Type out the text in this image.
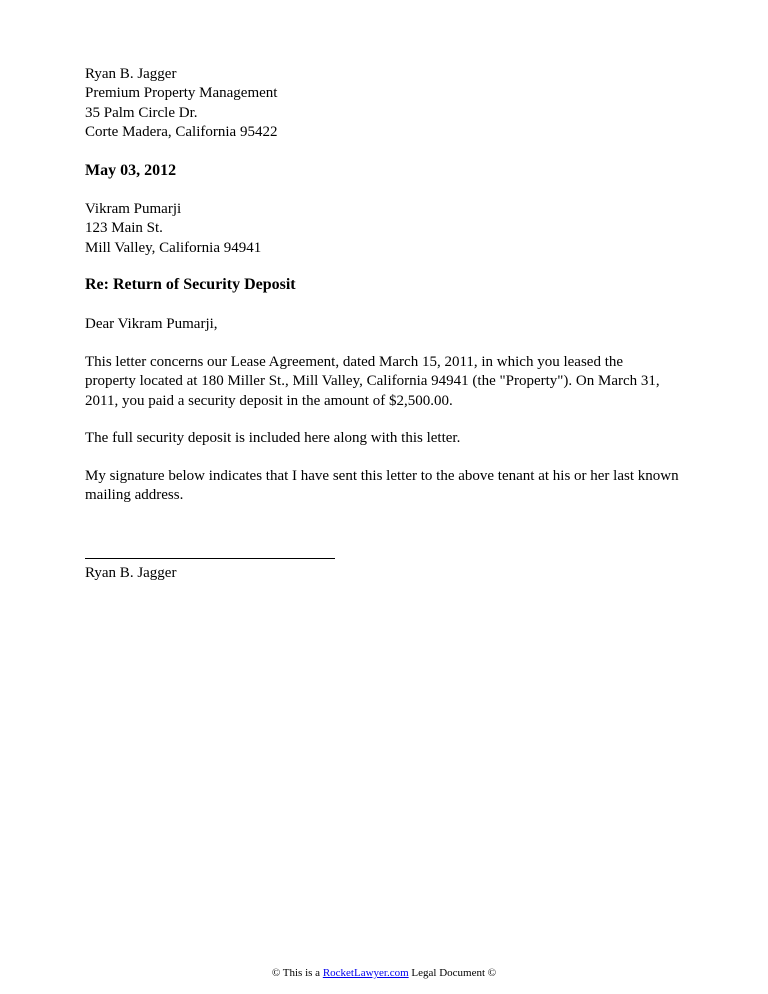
Ryan B. Jagger
Premium Property Management
35 Palm Circle Dr.
Corte Madera, California 95422
May 03, 2012
Vikram Pumarji
123 Main St.
Mill Valley, California 94941
Re: Return of Security Deposit
Dear Vikram Pumarji,
This letter concerns our Lease Agreement, dated March 15, 2011, in which you leased the
property located at 180 Miller St., Mill Valley, California 94941 (the "Property"). On March 31,
2011, you paid a security deposit in the amount of $2,500.00.
The full security deposit is included here along with this letter.
My signature below indicates that I have sent this letter to the above tenant at his or her last known
mailing address.
Ryan B. Jagger
© This is a RocketLawyer.com Legal Document ©
